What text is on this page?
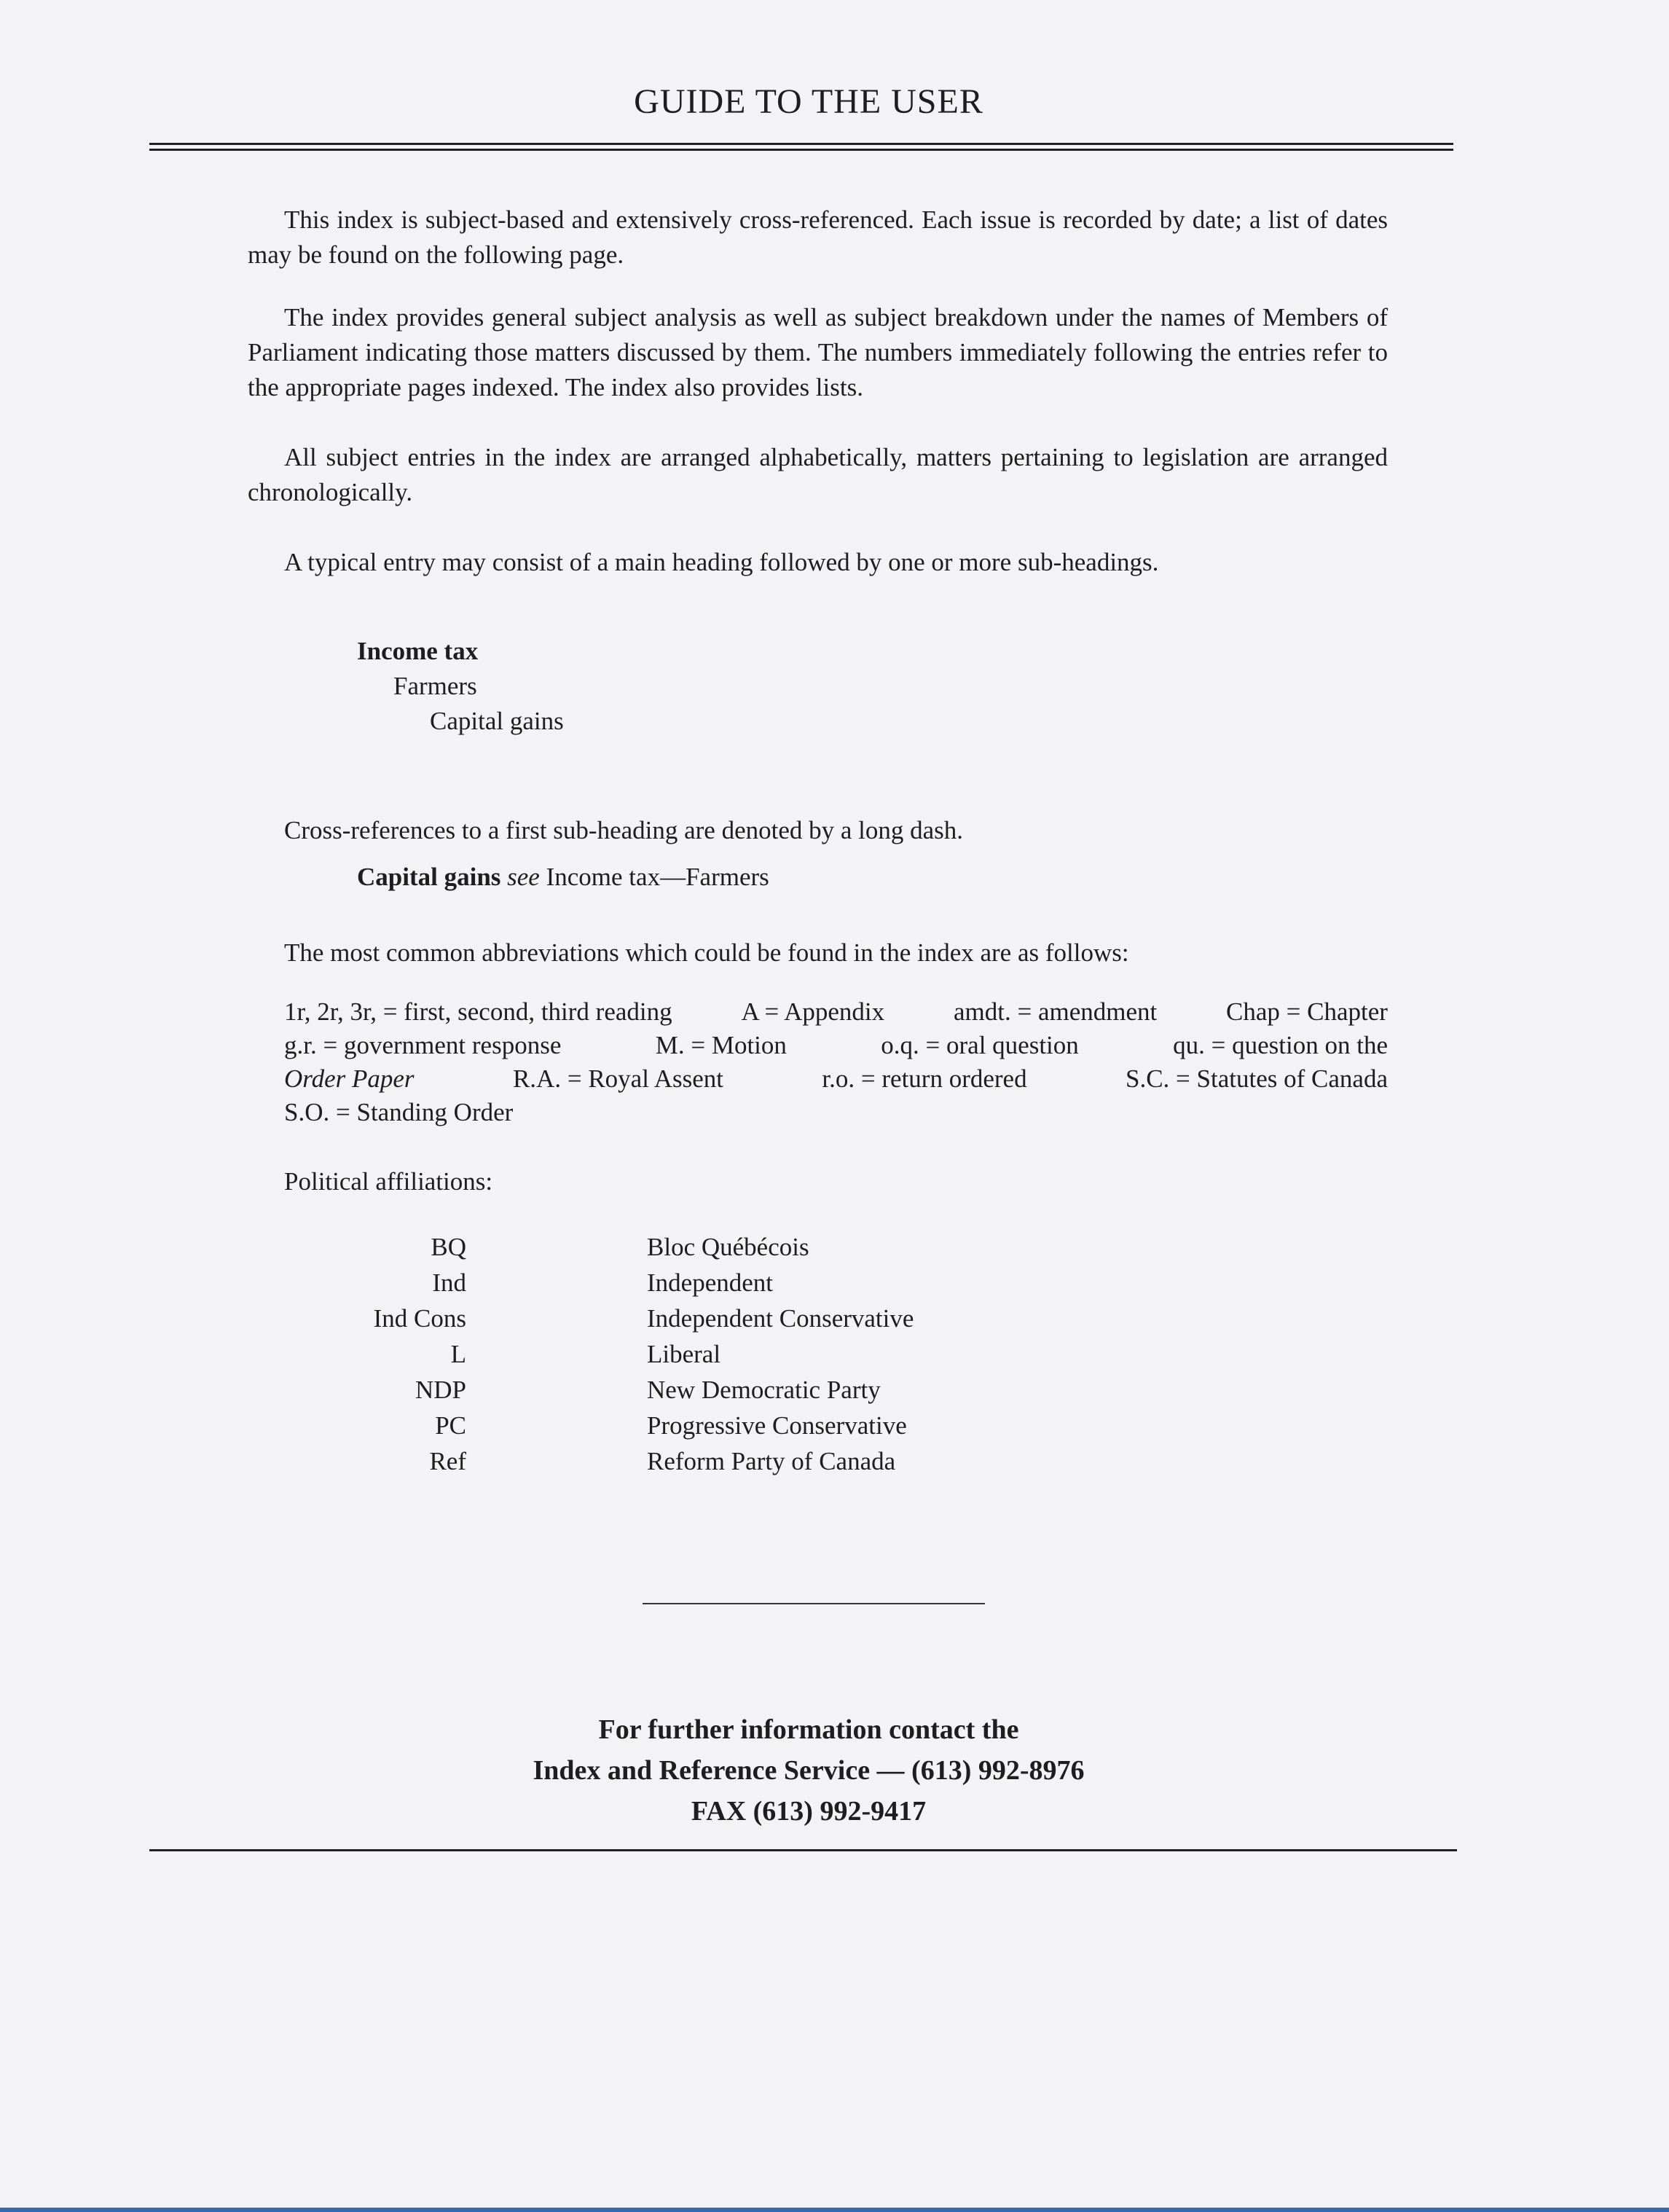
GUIDE TO THE USER

This index is subject-based and extensively cross-referenced. Each issue is recorded by date; a list of dates may be found on the following page.

The index provides general subject analysis as well as subject breakdown under the names of Members of Parliament indicating those matters discussed by them. The numbers immediately following the entries refer to the appropriate pages indexed. The index also provides lists.

All subject entries in the index are arranged alphabetically, matters pertaining to legislation are arranged chronologically.

A typical entry may consist of a main heading followed by one or more sub-headings.

Income tax
Farmers
Capital gains

Cross-references to a first sub-heading are denoted by a long dash.

Capital gains see Income tax—Farmers

The most common abbreviations which could be found in the index are as follows:

1r, 2r, 3r, = first, second, third reading	A = Appendix	amdt. = amendment	Chap = Chapter
g.r. = government response	M. = Motion	o.q. = oral question	qu. = question on the
Order Paper	R.A. = Royal Assent	r.o. = return ordered	S.C. = Statutes of Canada
S.O. = Standing Order

Political affiliations:

BQ	Bloc Québécois
Ind	Independent
Ind Cons	Independent Conservative
L	Liberal
NDP	New Democratic Party
PC	Progressive Conservative
Ref	Reform Party of Canada
For further information contact the
Index and Reference Service — (613) 992-8976
FAX (613) 992-9417
